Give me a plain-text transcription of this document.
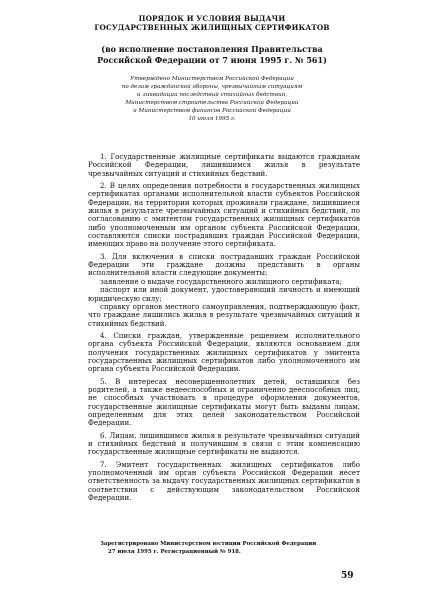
ПОРЯДОК И УСЛОВИЯ ВЫДАЧИ
ГОСУДАРСТВЕННЫХ ЖИЛИЩНЫХ СЕРТИФИКАТОВ
(во исполнение постановления Правительства
Российской Федерации от 7 июня 1995 г. № 561)
Утверждено Министерством Российской Федерации
по делам гражданской обороны, чрезвычайным ситуациям
и ликвидации последствий стихийных бедствий,
Министерством строительства Российской Федерации
и Министерством финансов Российской Федерации
10 июля 1995 г.

1. Государственные жилищные сертификаты выдаются гражданам Российской Федерации, лишившимся жилья в результате чрезвычайных ситуаций и стихийных бедствий.

2. В целях определения потребности в государственных жилищных сертификатах органами исполнительной власти субъектов Российской Федерации, на территории которых проживали граждане, лишившиеся жилья в результате чрезвычайных ситуаций и стихийных бедствий, по согласованию с эмитентом государственных жилищных сертификатов либо уполномоченным им органом субъекта Российской Федерации, составляются списки пострадавших граждан Российской Федерации, имеющих право на получение этого сертификата.

3. Для включения в списки пострадавших граждан Российской Федерации эти граждане должны представить в органы исполнительной власти следующие документы:

заявление о выдаче государственного жилищного сертификата;

паспорт или иной документ, удостоверяющий личность и имеющий юридическую силу;

справку органов местного самоуправления, подтверждающую факт, что граждане лишились жилья в результате чрезвычайных ситуаций и стихийных бедствий.

4. Списки граждан, утвержденные решением исполнительного органа субъекта Российской Федерации, являются основанием для получения государственных жилищных сертификатов у эмитента государственных жилищных сертификатов либо уполномоченного им органа субъекта Российской Федерации.

5. В интересах несовершеннолетних детей, оставшихся без родителей, а также недееспособных и ограниченно дееспособных лиц, не способных участвовать в процедуре оформления документов, государственные жилищные сертификаты могут быть выданы лицам, определенным для этих целей законодательством Российской Федерации.

6. Лицам, лишившимся жилья в результате чрезвычайных ситуаций и стихийных бедствий и получившим в связи с этим компенсацию государственные жилищные сертификаты не выдаются.

7. Эмитент государственных жилищных сертификатов либо уполномоченный им орган субъекта Российской Федерации несет ответственность за выдачу государственных жилищных сертификатов в соответствии с действующим законодательством Российской Федерации.

Зарегистрировано Министерством юстиции Российской Федерации
27 июля 1995 г. Регистрационный № 918.
59
